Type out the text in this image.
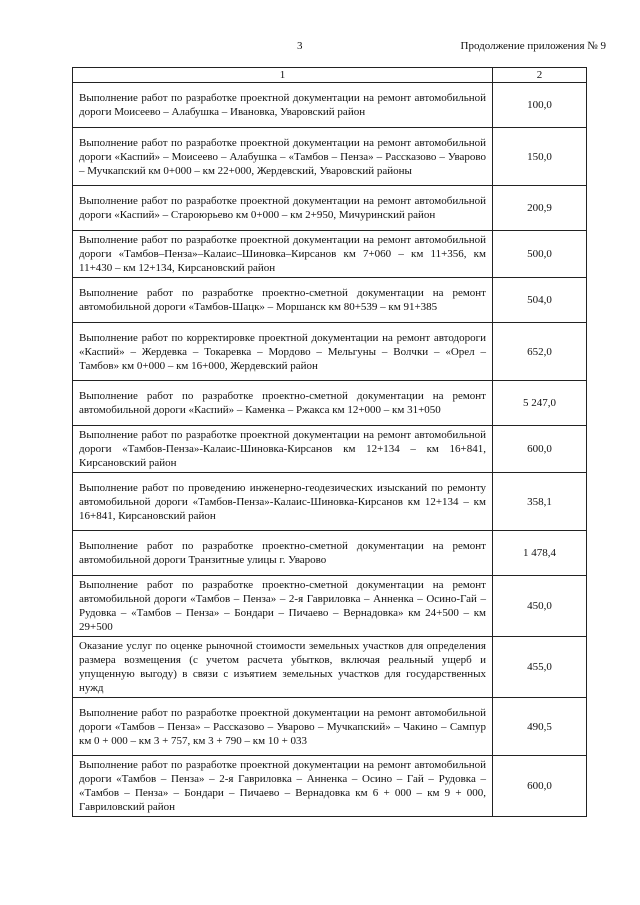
3	Продолжение приложения № 9
1	2
Выполнение работ по разработке проектной документации на ремонт автомобильной дороги Моисеево – Алабушка – Ивановка, Уваровский район	100,0
Выполнение работ по разработке проектной документации на ремонт автомобильной дороги «Каспий» – Моисеево – Алабушка – «Тамбов – Пенза» – Рассказово – Уварово – Мучкапский км 0+000 – км 22+000, Жердевский, Уваровский районы	150,0
Выполнение работ по разработке проектной документации на ремонт автомобильной дороги «Каспий» – Староюрьево км 0+000 – км 2+950, Мичуринский район	200,9
Выполнение работ по разработке проектной документации на ремонт автомобильной дороги «Тамбов–Пенза»–Калаис–Шиновка–Кирсанов км 7+060 – км 11+356, км 11+430 – км 12+134, Кирсановский район	500,0
Выполнение работ по разработке проектно-сметной документации на ремонт автомобильной дороги «Тамбов-Шацк» – Моршанск км 80+539 – км 91+385	504,0
Выполнение работ по корректировке проектной документации на ремонт автодороги «Каспий» – Жердевка – Токаревка – Мордово – Мельгуны – Волчки – «Орел – Тамбов» км 0+000 – км 16+000, Жердевский район	652,0
Выполнение работ по разработке проектно-сметной документации на ремонт автомобильной дороги «Каспий» – Каменка – Ржакса км 12+000 – км 31+050	5 247,0
Выполнение работ по разработке проектной документации на ремонт автомобильной дороги «Тамбов-Пенза»-Калаис-Шиновка-Кирсанов км 12+134 – км 16+841, Кирсановский район	600,0
Выполнение работ по проведению инженерно-геодезических изысканий по ремонту автомобильной дороги «Тамбов-Пенза»-Калаис-Шиновка-Кирсанов км 12+134 – км 16+841, Кирсановский район	358,1
Выполнение работ по разработке проектно-сметной документации на ремонт автомобильной дороги Транзитные улицы г. Уварово	1 478,4
Выполнение работ по разработке проектно-сметной документации на ремонт автомобильной дороги «Тамбов – Пенза» – 2-я Гавриловка – Анненка – Осино-Гай – Рудовка – «Тамбов – Пенза» – Бондари – Пичаево – Вернадовка» км 24+500 – км 29+500	450,0
Оказание услуг по оценке рыночной стоимости земельных участков для определения размера возмещения (с учетом расчета убытков, включая реальный ущерб и упущенную выгоду) в связи с изъятием земельных участков для государственных нужд	455,0
Выполнение работ по разработке проектной документации на ремонт автомобильной дороги «Тамбов – Пенза» – Рассказово – Уварово – Мучкапский» – Чакино – Сампур км 0 + 000 – км 3 + 757, км 3 + 790 – км 10 + 033	490,5
Выполнение работ по разработке проектной документации на ремонт автомобильной дороги «Тамбов – Пенза» – 2-я Гавриловка – Анненка – Осино – Гай – Рудовка – «Тамбов – Пенза» – Бондари – Пичаево – Вернадовка км 6 + 000 – км 9 + 000, Гавриловский район	600,0
